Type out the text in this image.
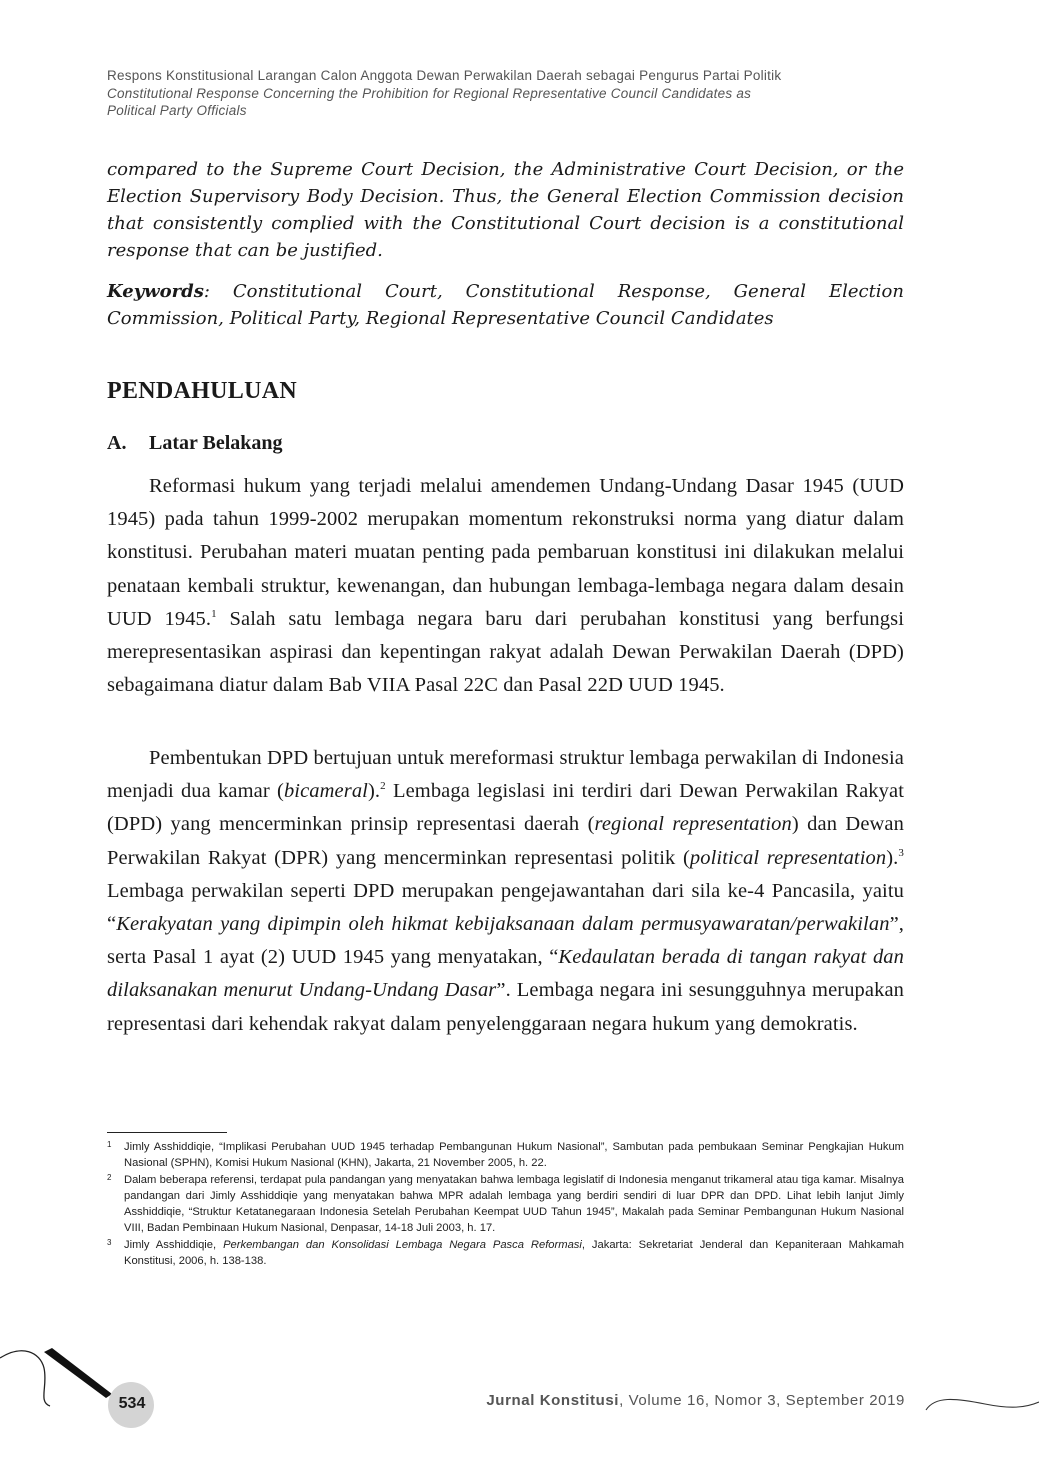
Respons Konstitusional Larangan Calon Anggota Dewan Perwakilan Daerah sebagai Pengurus Partai Politik
Constitutional Response Concerning the Prohibition for Regional Representative Council Candidates as
Political Party Officials

compared to the Supreme Court Decision, the Administrative Court Decision, or the Election Supervisory Body Decision. Thus, the General Election Commission decision that consistently complied with the Constitutional Court decision is a constitutional response that can be justified.

Keywords: Constitutional Court, Constitutional Response, General Election Commission, Political Party, Regional Representative Council Candidates

PENDAHULUAN
A. Latar Belakang

Reformasi hukum yang terjadi melalui amendemen Undang-Undang Dasar 1945 (UUD 1945) pada tahun 1999-2002 merupakan momentum rekonstruksi norma yang diatur dalam konstitusi. Perubahan materi muatan penting pada pembaruan konstitusi ini dilakukan melalui penataan kembali struktur, kewenangan, dan hubungan lembaga-lembaga negara dalam desain UUD 1945.$^1$ Salah satu lembaga negara baru dari perubahan konstitusi yang berfungsi merepresentasikan aspirasi dan kepentingan rakyat adalah Dewan Perwakilan Daerah (DPD) sebagaimana diatur dalam Bab VIIA Pasal 22C dan Pasal 22D UUD 1945.

Pembentukan DPD bertujuan untuk mereformasi struktur lembaga perwakilan di Indonesia menjadi dua kamar (bicameral).$^2$ Lembaga legislasi ini terdiri dari Dewan Perwakilan Rakyat (DPD) yang mencerminkan prinsip representasi daerah (regional representation) dan Dewan Perwakilan Rakyat (DPR) yang mencerminkan representasi politik (political representation).$^3$ Lembaga perwakilan seperti DPD merupakan pengejawantahan dari sila ke-4 Pancasila, yaitu “Kerakyatan yang dipimpin oleh hikmat kebijaksanaan dalam permusyawaratan/perwakilan”, serta Pasal 1 ayat (2) UUD 1945 yang menyatakan, “Kedaulatan berada di tangan rakyat dan dilaksanakan menurut Undang-Undang Dasar”. Lembaga negara ini sesungguhnya merupakan representasi dari kehendak rakyat dalam penyelenggaraan negara hukum yang demokratis.

1 Jimly Asshiddiqie, “Implikasi Perubahan UUD 1945 terhadap Pembangunan Hukum Nasional”, Sambutan pada pembukaan Seminar Pengkajian Hukum Nasional (SPHN), Komisi Hukum Nasional (KHN), Jakarta, 21 November 2005, h. 22.

2 Dalam beberapa referensi, terdapat pula pandangan yang menyatakan bahwa lembaga legislatif di Indonesia menganut trikameral atau tiga kamar. Misalnya pandangan dari Jimly Asshiddiqie yang menyatakan bahwa MPR adalah lembaga yang berdiri sendiri di luar DPR dan DPD. Lihat lebih lanjut Jimly Asshiddiqie, “Struktur Ketatanegaraan Indonesia Setelah Perubahan Keempat UUD Tahun 1945”, Makalah pada Seminar Pembangunan Hukum Nasional VIII, Badan Pembinaan Hukum Nasional, Denpasar, 14-18 Juli 2003, h. 17.

3 Jimly Asshiddiqie, Perkembangan dan Konsolidasi Lembaga Negara Pasca Reformasi, Jakarta: Sekretariat Jenderal dan Kepaniteraan Mahkamah Konstitusi, 2006, h. 138-138.

534	Jurnal Konstitusi, Volume 16, Nomor 3, September 2019
